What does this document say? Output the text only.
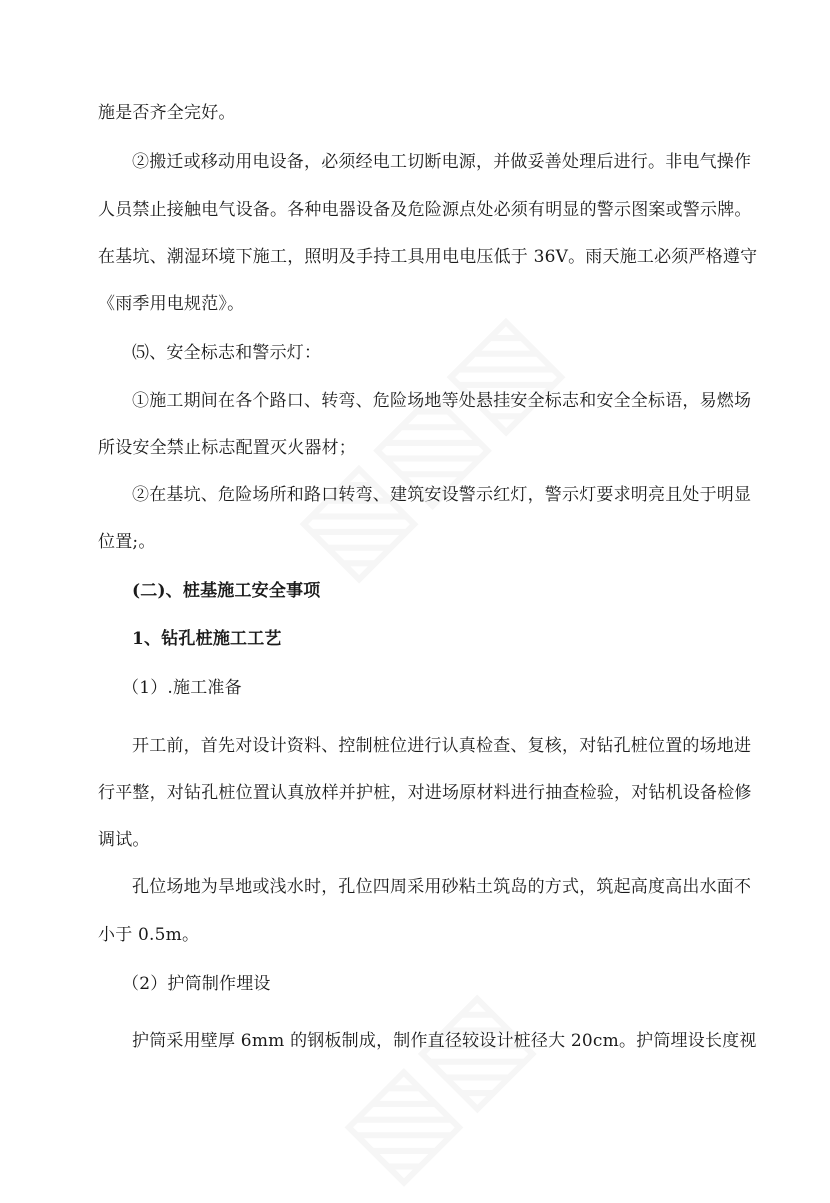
施是否齐全完好。
②搬迁或移动用电设备，必须经电工切断电源，并做妥善处理后进行。非电气操作
人员禁止接触电气设备。各种电器设备及危险源点处必须有明显的警示图案或警示牌。
在基坑、潮湿环境下施工，照明及手持工具用电电压低于 36V。雨天施工必须严格遵守
《雨季用电规范》。
⑸、安全标志和警示灯：
①施工期间在各个路口、转弯、危险场地等处悬挂安全标志和安全全标语，易燃场
所设安全禁止标志配置灭火器材；
②在基坑、危险场所和路口转弯、建筑安设警示红灯，警示灯要求明亮且处于明显
位置;。
(二)、桩基施工安全事项
1、钻孔桩施工工艺
（1）.施工准备
开工前，首先对设计资料、控制桩位进行认真检查、复核，对钻孔桩位置的场地进
行平整，对钻孔桩位置认真放样并护桩，对进场原材料进行抽查检验，对钻机设备检修
调试。
孔位场地为旱地或浅水时，孔位四周采用砂粘土筑岛的方式，筑起高度高出水面不
小于 0.5m。
（2）护筒制作埋设
护筒采用壁厚 6mm 的钢板制成，制作直径较设计桩径大 20cm。护筒埋设长度视
